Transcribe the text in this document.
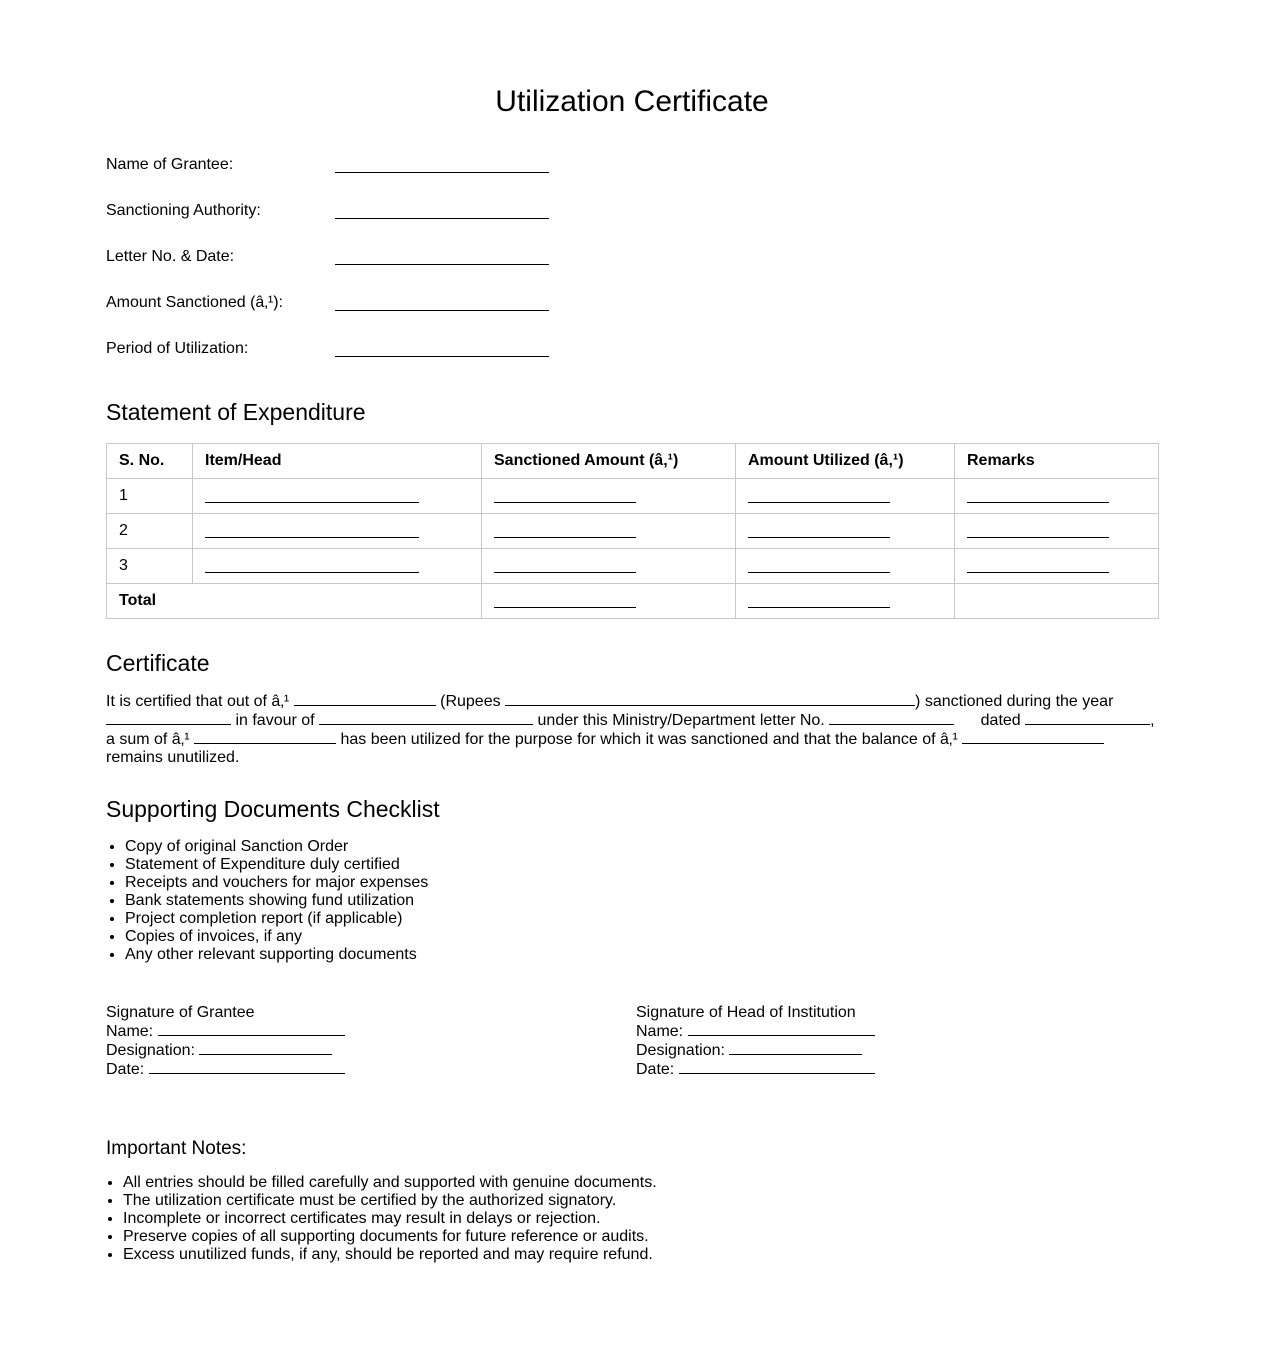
Utilization Certificate
Name of Grantee:
Sanctioning Authority:
Letter No. & Date:
Amount Sanctioned (â‚¹):
Period of Utilization:
Statement of Expenditure
S. No.	Item/Head	Sanctioned Amount (â‚¹)	Amount Utilized (â‚¹)	Remarks
1				
2				
3				
Total				
Certificate
It is certified that out of â‚¹	(Rupees	) sanctioned during the year
in favour of	under this Ministry/Department letter No.	dated	,
a sum of â‚¹	has been utilized for the purpose for which it was sanctioned and that the balance of â‚¹
remains unutilized.
Supporting Documents Checklist
• Copy of original Sanction Order
• Statement of Expenditure duly certified
• Receipts and vouchers for major expenses
• Bank statements showing fund utilization
• Project completion report (if applicable)
• Copies of invoices, if any
• Any other relevant supporting documents
Signature of Grantee
Name:
Designation:
Date:
Signature of Head of Institution
Name:
Designation:
Date:
Important Notes:
• All entries should be filled carefully and supported with genuine documents.
• The utilization certificate must be certified by the authorized signatory.
• Incomplete or incorrect certificates may result in delays or rejection.
• Preserve copies of all supporting documents for future reference or audits.
• Excess unutilized funds, if any, should be reported and may require refund.
